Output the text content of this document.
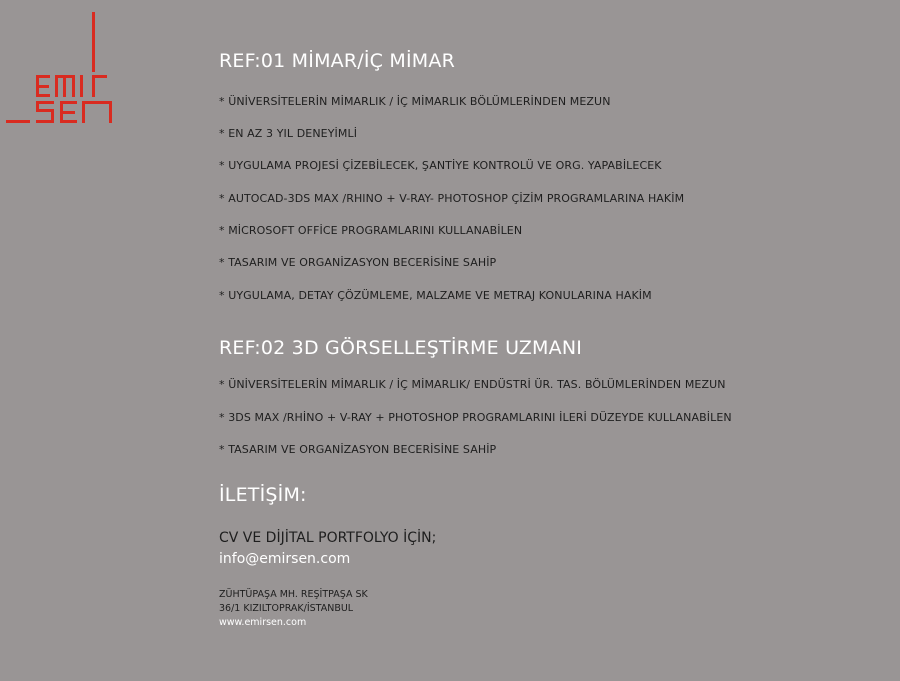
REF:01 MİMAR/İÇ MİMAR
* ÜNİVERSİTELERİN MİMARLIK / İÇ MİMARLIK BÖLÜMLERİNDEN MEZUN
* EN AZ 3 YIL DENEYİMLİ
* UYGULAMA PROJESİ ÇİZEBİLECEK, ŞANTİYE KONTROLÜ VE ORG. YAPABİLECEK
* AUTOCAD-3DS MAX /RHINO + V-RAY- PHOTOSHOP ÇİZİM PROGRAMLARINA HAKİM
* MİCROSOFT OFFİCE PROGRAMLARINI KULLANABİLEN
* TASARIM VE ORGANİZASYON BECERİSİNE SAHİP
* UYGULAMA, DETAY ÇÖZÜMLEME, MALZAME VE METRAJ KONULARINA HAKİM
REF:02 3D GÖRSELLEŞTİRME UZMANI
* ÜNİVERSİTELERİN MİMARLIK / İÇ MİMARLIK/ ENDÜSTRİ ÜR. TAS. BÖLÜMLERİNDEN MEZUN
* 3DS MAX /RHİNO + V-RAY + PHOTOSHOP PROGRAMLARINI İLERİ DÜZEYDE KULLANABİLEN
* TASARIM VE ORGANİZASYON BECERİSİNE SAHİP
İLETİŞİM:
CV VE DİJİTAL PORTFOLYO İÇİN;
info@emirsen.com
ZÜHTÜPAŞA MH. REŞİTPAŞA SK
36/1 KIZILTOPRAK/İSTANBUL
www.emirsen.com
